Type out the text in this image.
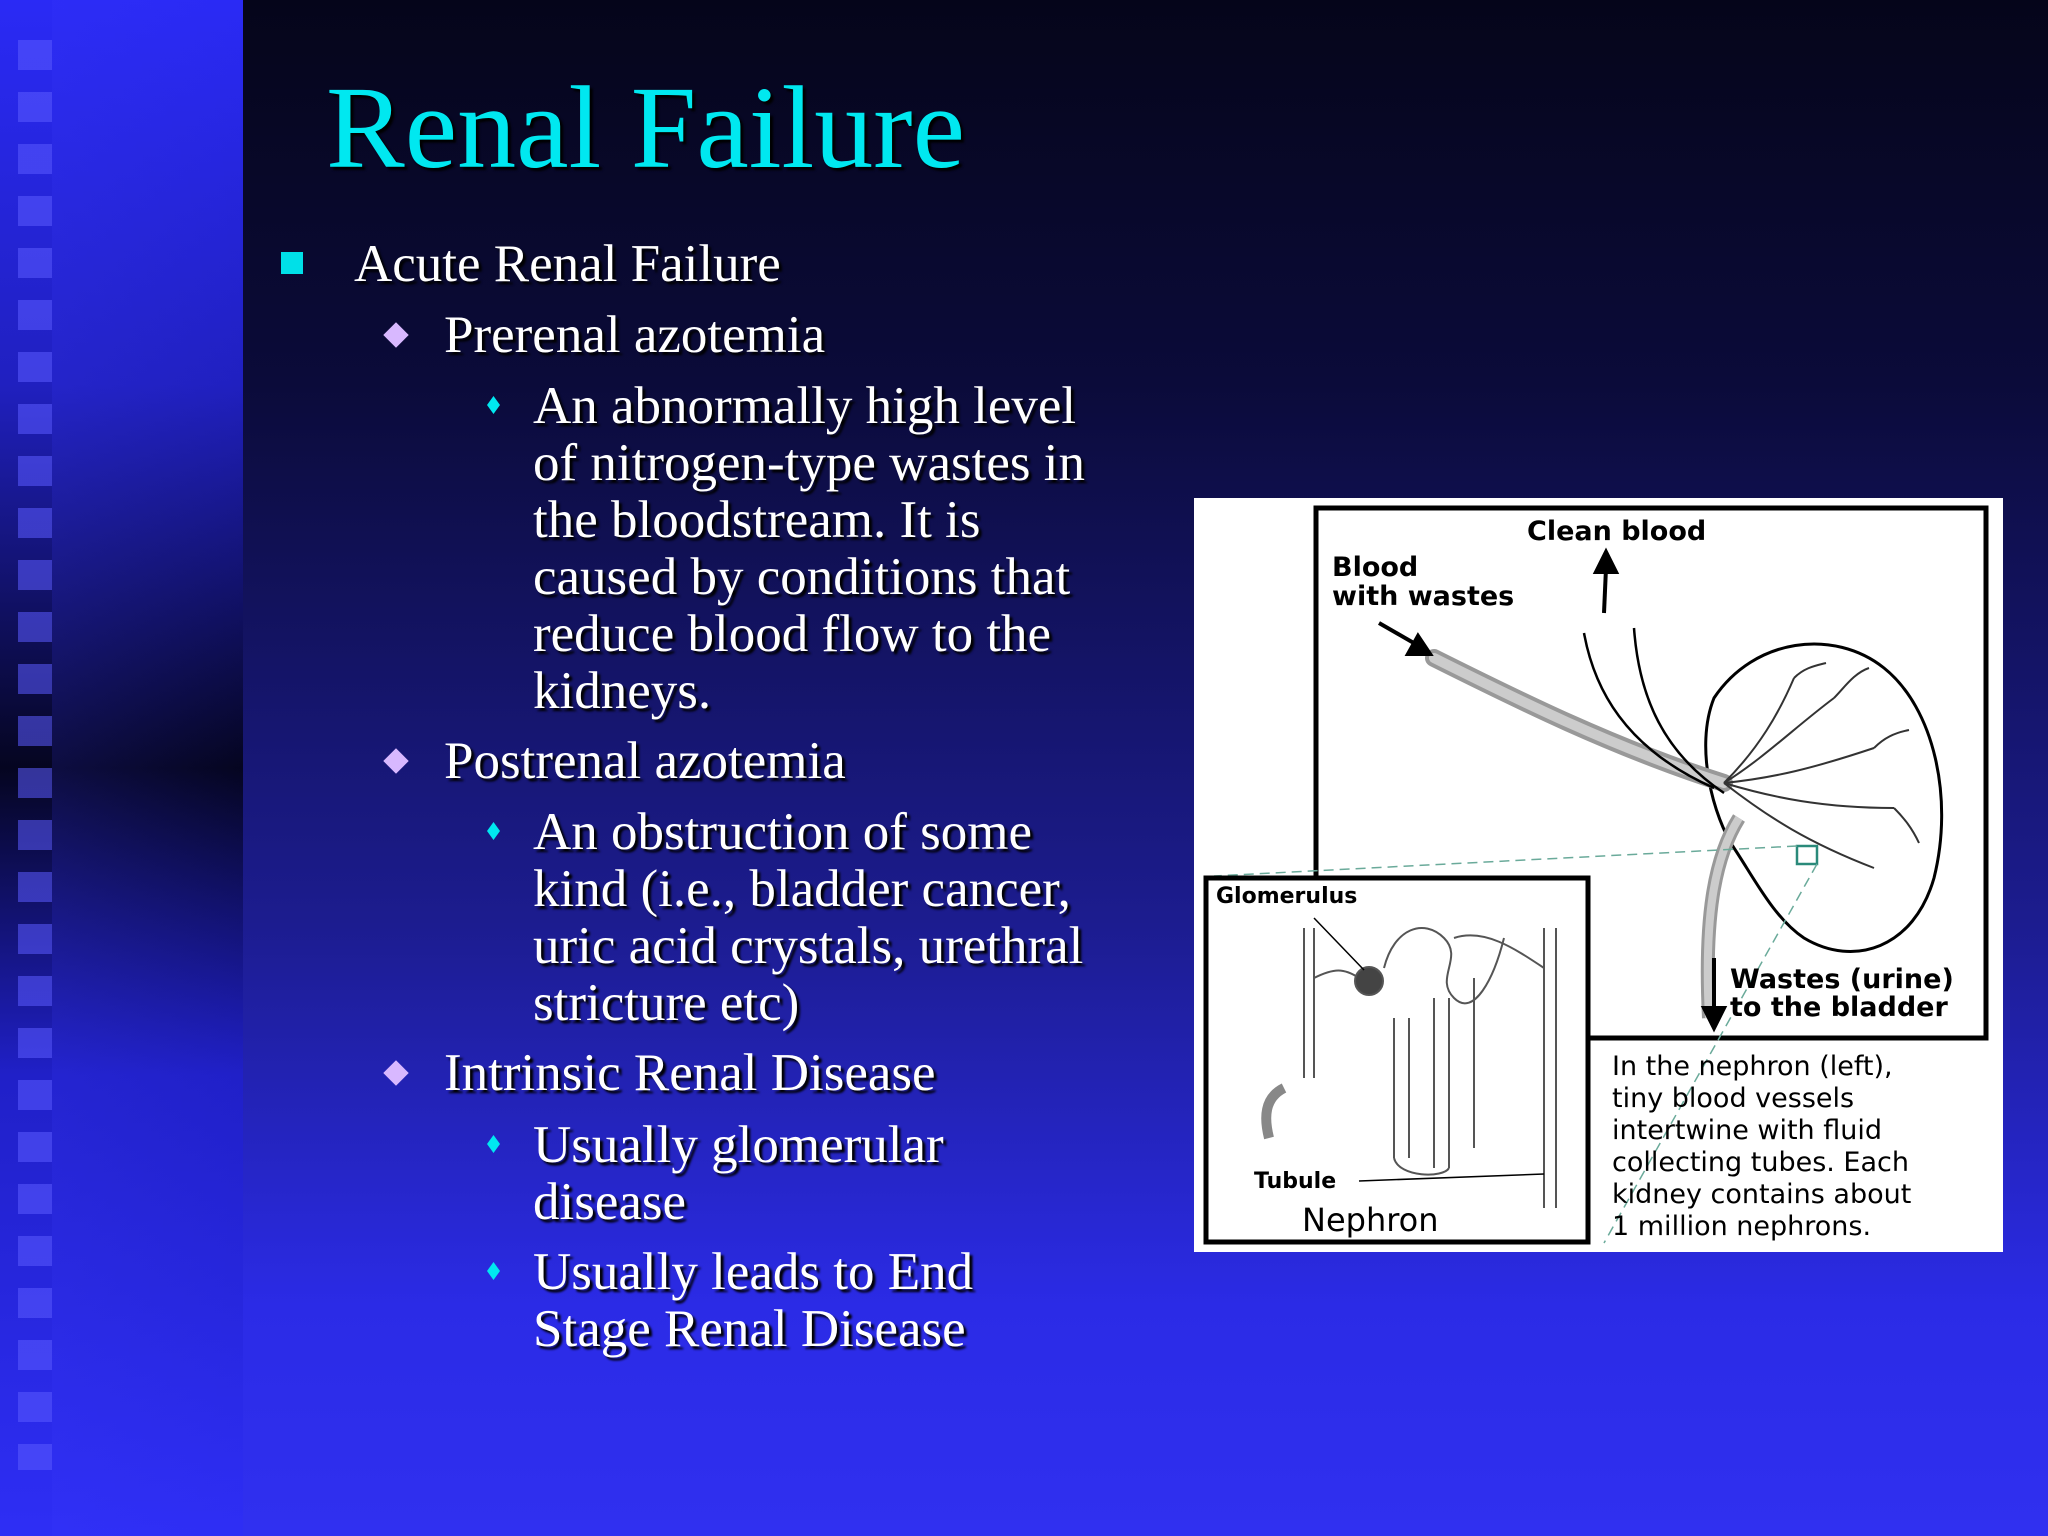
Renal Failure
Acute Renal Failure
Prerenal azotemia
An abnormally high level
of nitrogen-type wastes in
the bloodstream. It is
caused by conditions that
reduce blood flow to the
kidneys.
Postrenal azotemia
An obstruction of some
kind (i.e., bladder cancer,
uric acid crystals, urethral
stricture etc)
Intrinsic Renal Disease
Usually glomerular
disease
Usually leads to End
Stage Renal Disease
Clean blood
Blood
with wastes
Wastes (urine)
to the bladder
Glomerulus
Tubule
Nephron
In the nephron (left),
tiny blood vessels
intertwine with fluid
collecting tubes. Each
kidney contains about
1 million nephrons.
